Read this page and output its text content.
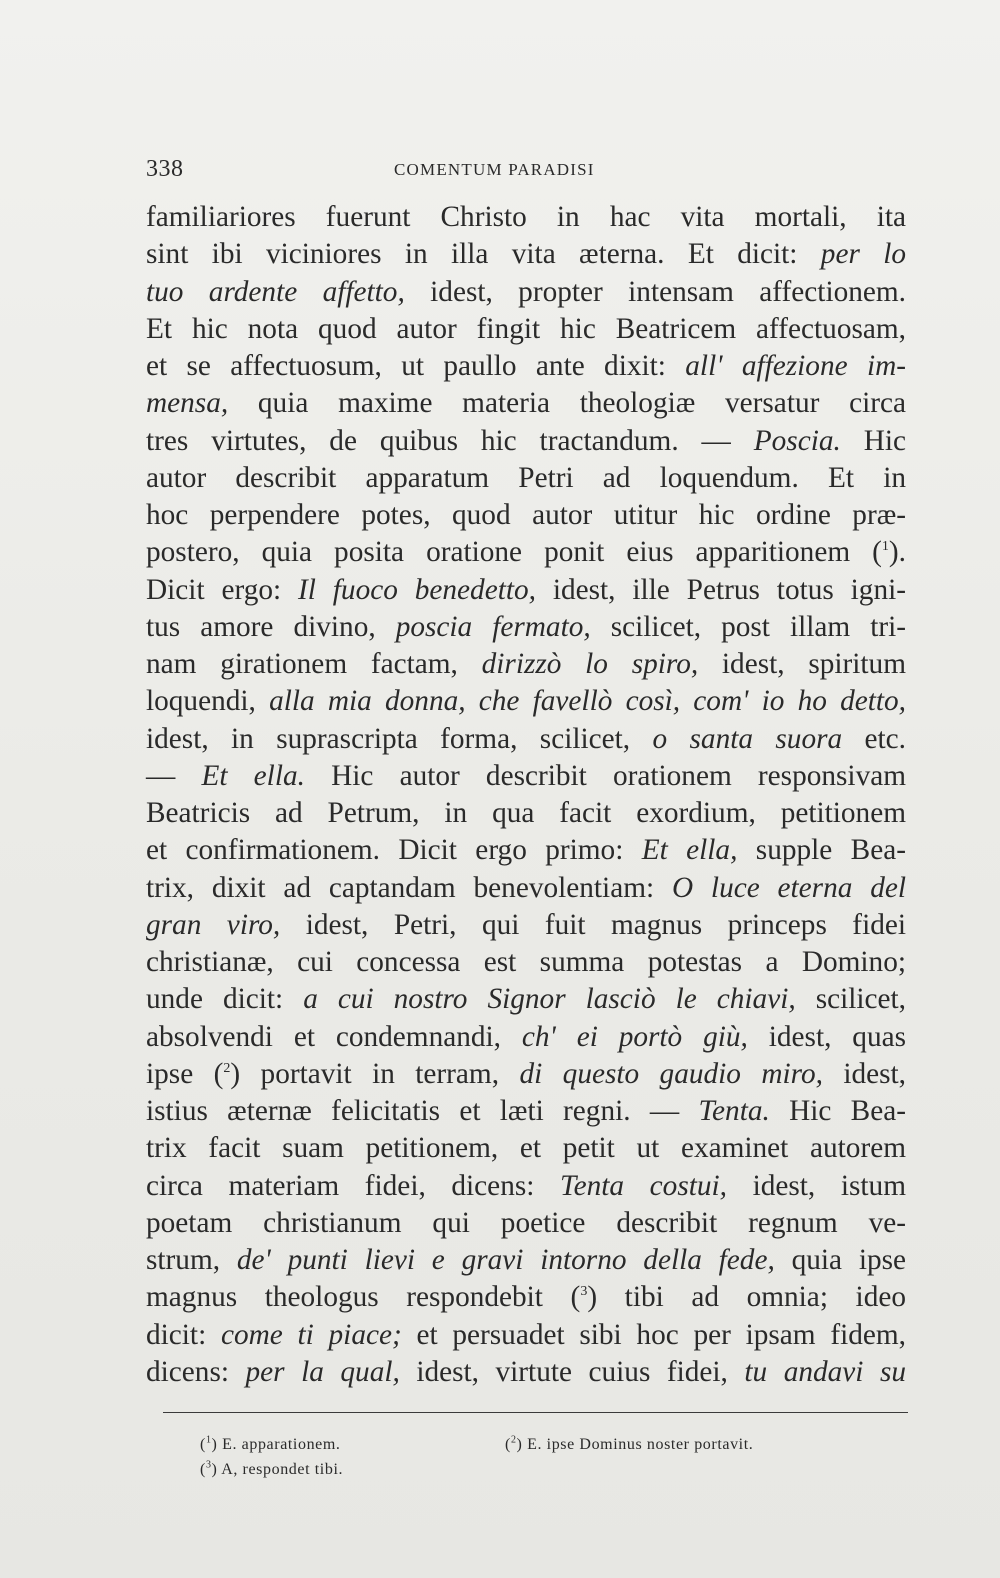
338	COMENTUM PARADISI
familiariores fuerunt Christo in hac vita mortali, ita
sint ibi viciniores in illa vita æterna. Et dicit: per lo
tuo ardente affetto, idest, propter intensam affectionem.
Et hic nota quod autor fingit hic Beatricem affectuosam,
et se affectuosum, ut paullo ante dixit: all' affezione im-
mensa, quia maxime materia theologiæ versatur circa
tres virtutes, de quibus hic tractandum. — Poscia. Hic
autor describit apparatum Petri ad loquendum. Et in
hoc perpendere potes, quod autor utitur hic ordine præ-
postero, quia posita oratione ponit eius apparitionem ($^1$).
Dicit ergo: Il fuoco benedetto, idest, ille Petrus totus igni-
tus amore divino, poscia fermato, scilicet, post illam tri-
nam girationem factam, dirizzò lo spiro, idest, spiritum
loquendi, alla mia donna, che favellò così, com' io ho detto,
idest, in suprascripta forma, scilicet, o santa suora etc.
— Et ella. Hic autor describit orationem responsivam
Beatricis ad Petrum, in qua facit exordium, petitionem
et confirmationem. Dicit ergo primo: Et ella, supple Bea-
trix, dixit ad captandam benevolentiam: O luce eterna del
gran viro, idest, Petri, qui fuit magnus princeps fidei
christianæ, cui concessa est summa potestas a Domino;
unde dicit: a cui nostro Signor lasciò le chiavi, scilicet,
absolvendi et condemnandi, ch' ei portò giù, idest, quas
ipse ($^2$) portavit in terram, di questo gaudio miro, idest,
istius æternæ felicitatis et læti regni. — Tenta. Hic Bea-
trix facit suam petitionem, et petit ut examinet autorem
circa materiam fidei, dicens: Tenta costui, idest, istum
poetam christianum qui poetice describit regnum ve-
strum, de' punti lievi e gravi intorno della fede, quia ipse
magnus theologus respondebit ($^3$) tibi ad omnia; ideo
dicit: come ti piace; et persuadet sibi hoc per ipsam fidem,
dicens: per la qual, idest, virtute cuius fidei, tu andavi su
($^1$) E. apparationem.	($^2$) E. ipse Dominus noster portavit.
($^3$) A, respondet tibi.
